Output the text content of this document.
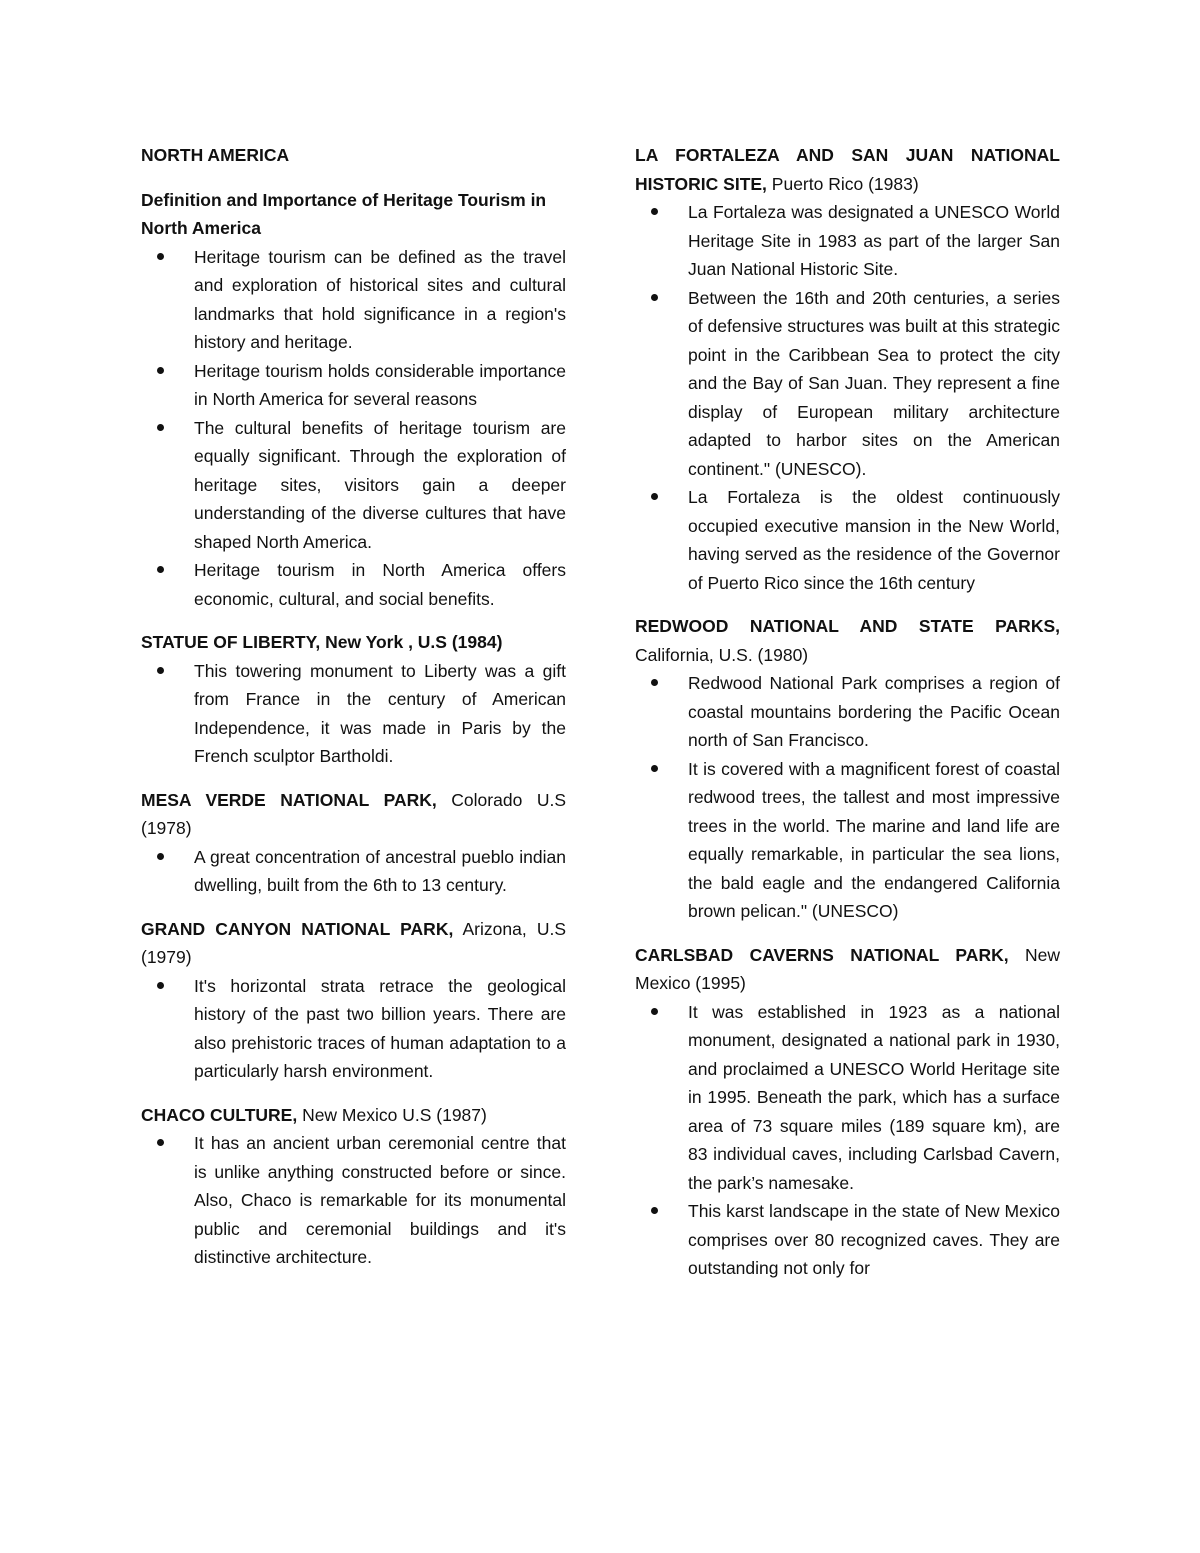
NORTH AMERICA
Definition and Importance of Heritage Tourism in North America
Heritage tourism can be defined as the travel and exploration of historical sites and cultural landmarks that hold significance in a region's history and heritage.
Heritage tourism holds considerable importance in North America for several reasons
The cultural benefits of heritage tourism are equally significant. Through the exploration of heritage sites, visitors gain a deeper understanding of the diverse cultures that have shaped North America.
Heritage tourism in North America offers economic, cultural, and social benefits.
STATUE OF LIBERTY, New York , U.S (1984)
This towering monument to Liberty was a gift from France in the century of American Independence, it was made in Paris by the French sculptor Bartholdi.
MESA VERDE NATIONAL PARK, Colorado U.S (1978)
A great concentration of ancestral pueblo indian dwelling, built from the 6th to 13 century.
GRAND CANYON NATIONAL PARK, Arizona, U.S (1979)
It's horizontal strata retrace the geological history of the past two billion years. There are also prehistoric traces of human adaptation to a particularly harsh environment.
CHACO CULTURE, New Mexico U.S (1987)
It has an ancient urban ceremonial centre that is unlike anything constructed before or since. Also, Chaco is remarkable for its monumental public and ceremonial buildings and it's distinctive architecture.
LA FORTALEZA AND SAN JUAN NATIONAL HISTORIC SITE, Puerto Rico (1983)
La Fortaleza was designated a UNESCO World Heritage Site in 1983 as part of the larger San Juan National Historic Site.
Between the 16th and 20th centuries, a series of defensive structures was built at this strategic point in the Caribbean Sea to protect the city and the Bay of San Juan. They represent a fine display of European military architecture adapted to harbor sites on the American continent." (UNESCO).
La Fortaleza is the oldest continuously occupied executive mansion in the New World, having served as the residence of the Governor of Puerto Rico since the 16th century
REDWOOD NATIONAL AND STATE PARKS, California, U.S. (1980)
Redwood National Park comprises a region of coastal mountains bordering the Pacific Ocean north of San Francisco.
It is covered with a magnificent forest of coastal redwood trees, the tallest and most impressive trees in the world. The marine and land life are equally remarkable, in particular the sea lions, the bald eagle and the endangered California brown pelican." (UNESCO)
CARLSBAD CAVERNS NATIONAL PARK, New Mexico (1995)
It was established in 1923 as a national monument, designated a national park in 1930, and proclaimed a UNESCO World Heritage site in 1995. Beneath the park, which has a surface area of 73 square miles (189 square km), are 83 individual caves, including Carlsbad Cavern, the park’s namesake.
This karst landscape in the state of New Mexico comprises over 80 recognized caves. They are outstanding not only for
